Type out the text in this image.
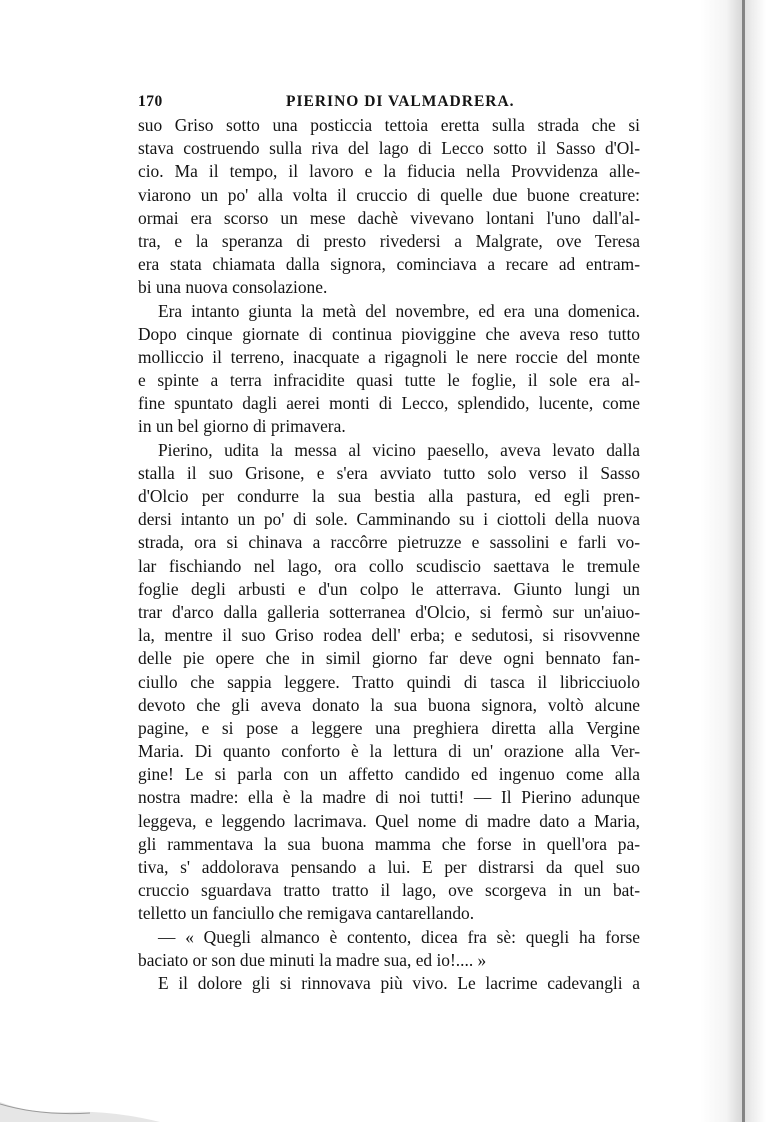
170	PIERINO DI VALMADRERA.
suo Griso sotto una posticcia tettoia eretta sulla strada che si
stava costruendo sulla riva del lago di Lecco sotto il Sasso d'Ol-
cio. Ma il tempo, il lavoro e la fiducia nella Provvidenza alle-
viarono un po' alla volta il cruccio di quelle due buone creature:
ormai era scorso un mese dachè vivevano lontani l'uno dall'al-
tra, e la speranza di presto rivedersi a Malgrate, ove Teresa
era stata chiamata dalla signora, cominciava a recare ad entram-
bi una nuova consolazione.
Era intanto giunta la metà del novembre, ed era una domenica.
Dopo cinque giornate di continua pioviggine che aveva reso tutto
molliccio il terreno, inacquate a rigagnoli le nere roccie del monte
e spinte a terra infracidite quasi tutte le foglie, il sole era al-
fine spuntato dagli aerei monti di Lecco, splendido, lucente, come
in un bel giorno di primavera.
Pierino, udita la messa al vicino paesello, aveva levato dalla
stalla il suo Grisone, e s'era avviato tutto solo verso il Sasso
d'Olcio per condurre la sua bestia alla pastura, ed egli pren-
dersi intanto un po' di sole. Camminando su i ciottoli della nuova
strada, ora si chinava a raccôrre pietruzze e sassolini e farli vo-
lar fischiando nel lago, ora collo scudiscio saettava le tremule
foglie degli arbusti e d'un colpo le atterrava. Giunto lungi un
trar d'arco dalla galleria sotterranea d'Olcio, si fermò sur un'aiuo-
la, mentre il suo Griso rodea dell' erba; e sedutosi, si risovvenne
delle pie opere che in simil giorno far deve ogni bennato fan-
ciullo che sappia leggere. Tratto quindi di tasca il libricciuolo
devoto che gli aveva donato la sua buona signora, voltò alcune
pagine, e si pose a leggere una preghiera diretta alla Vergine
Maria. Di quanto conforto è la lettura di un' orazione alla Ver-
gine! Le si parla con un affetto candido ed ingenuo come alla
nostra madre: ella è la madre di noi tutti! — Il Pierino adunque
leggeva, e leggendo lacrimava. Quel nome di madre dato a Maria,
gli rammentava la sua buona mamma che forse in quell'ora pa-
tiva, s' addolorava pensando a lui. E per distrarsi da quel suo
cruccio sguardava tratto tratto il lago, ove scorgeva in un bat-
telletto un fanciullo che remigava cantarellando.
— « Quegli almanco è contento, dicea fra sè: quegli ha forse
baciato or son due minuti la madre sua, ed io!.... »
E il dolore gli si rinnovava più vivo. Le lacrime cadevangli a
